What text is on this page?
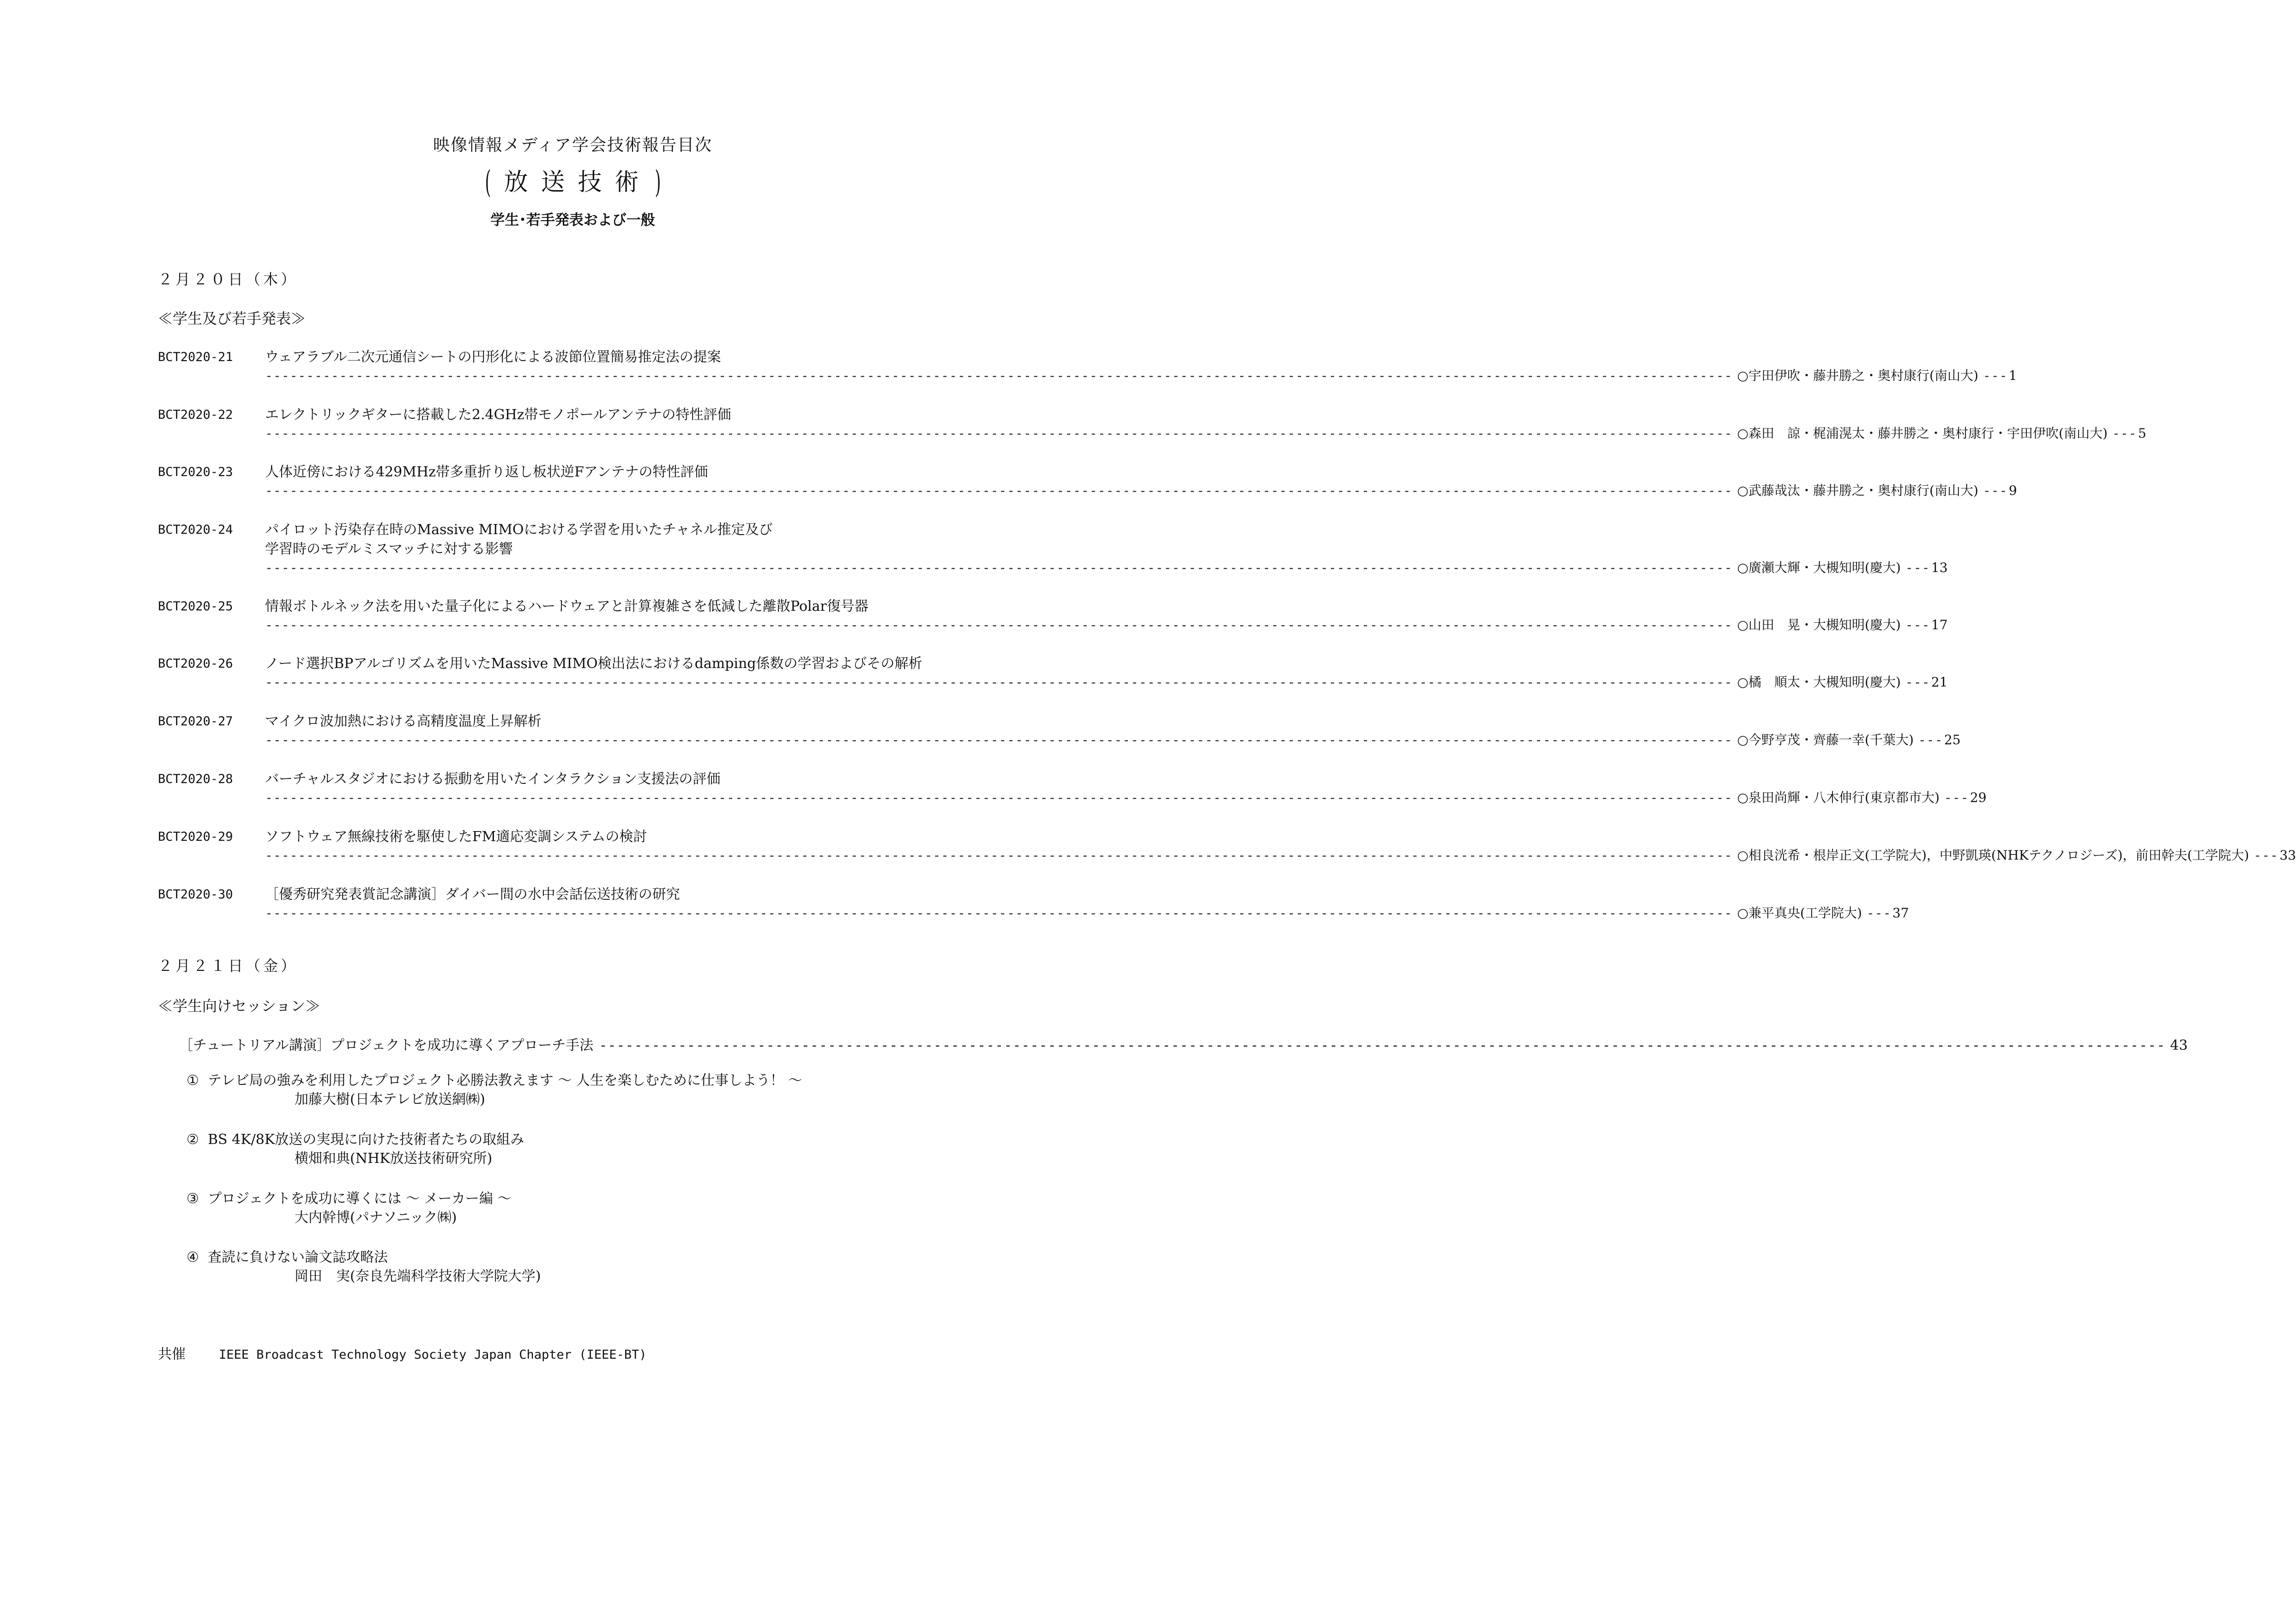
映像情報メディア学会技術報告目次
( 放送技術)
学生･若手発表および一般
２月２０日（木）
≪学生及び若手発表≫
BCT2020-21	ウェアラブル二次元通信シートの円形化による波節位置簡易推定法の提案
---------------------------------------------------------------------------------------------------------------------------------------------------------------------------------- ○宇田伊吹・藤井勝之・奥村康行(南山大) --- 1
BCT2020-22	エレクトリックギターに搭載した2.4GHz帯モノポールアンテナの特性評価
---------------------------------------------------------------------------------------------------------------------------------------------------------------------------------- ○森田　諒・梶浦滉太・藤井勝之・奥村康行・宇田伊吹(南山大) --- 5
BCT2020-23	人体近傍における429MHz帯多重折り返し板状逆Fアンテナの特性評価
---------------------------------------------------------------------------------------------------------------------------------------------------------------------------------- ○武藤哉汰・藤井勝之・奥村康行(南山大) --- 9
BCT2020-24	パイロット汚染存在時のMassive MIMOにおける学習を用いたチャネル推定及び
学習時のモデルミスマッチに対する影響
---------------------------------------------------------------------------------------------------------------------------------------------------------------------------------- ○廣瀬大輝・大槻知明(慶大) --- 13
BCT2020-25	情報ボトルネック法を用いた量子化によるハードウェアと計算複雑さを低減した離散Polar復号器
---------------------------------------------------------------------------------------------------------------------------------------------------------------------------------- ○山田　晃・大槻知明(慶大) --- 17
BCT2020-26	ノード選択BPアルゴリズムを用いたMassive MIMO検出法におけるdamping係数の学習およびその解析
---------------------------------------------------------------------------------------------------------------------------------------------------------------------------------- ○橘　順太・大槻知明(慶大) --- 21
BCT2020-27	マイクロ波加熱における高精度温度上昇解析
---------------------------------------------------------------------------------------------------------------------------------------------------------------------------------- ○今野亨茂・齊藤一幸(千葉大) --- 25
BCT2020-28	バーチャルスタジオにおける振動を用いたインタラクション支援法の評価
---------------------------------------------------------------------------------------------------------------------------------------------------------------------------------- ○泉田尚輝・八木伸行(東京都市大) --- 29
BCT2020-29	ソフトウェア無線技術を駆使したFM適応変調システムの検討
---------------------------------------------------------------------------------------------------------------------------------------------------------------------------------- ○相良洸希・根岸正文(工学院大)，中野凱瑛(NHKテクノロジーズ)，前田幹夫(工学院大) --- 33
BCT2020-30	［優秀研究発表賞記念講演］ダイバー間の水中会話伝送技術の研究
---------------------------------------------------------------------------------------------------------------------------------------------------------------------------------- ○兼平真央(工学院大) --- 37
２月２１日（金）
≪学生向けセッション≫
［チュートリアル講演］プロジェクトを成功に導くアプローチ手法 ---------------------------------------------------------------------------------------------------------------------------------------------------------------------------------- 43
① テレビ局の強みを利用したプロジェクト必勝法教えます ～ 人生を楽しむために仕事しよう！ ～
加藤大樹(日本テレビ放送網㈱)
② BS 4K/8K放送の実現に向けた技術者たちの取組み
横畑和典(NHK放送技術研究所)
③ プロジェクトを成功に導くには ～ メーカー編 ～
大内幹博(パナソニック㈱)
④ 査読に負けない論文誌攻略法
岡田　実(奈良先端科学技術大学院大学)
共催	IEEE Broadcast Technology Society Japan Chapter (IEEE-BT)
